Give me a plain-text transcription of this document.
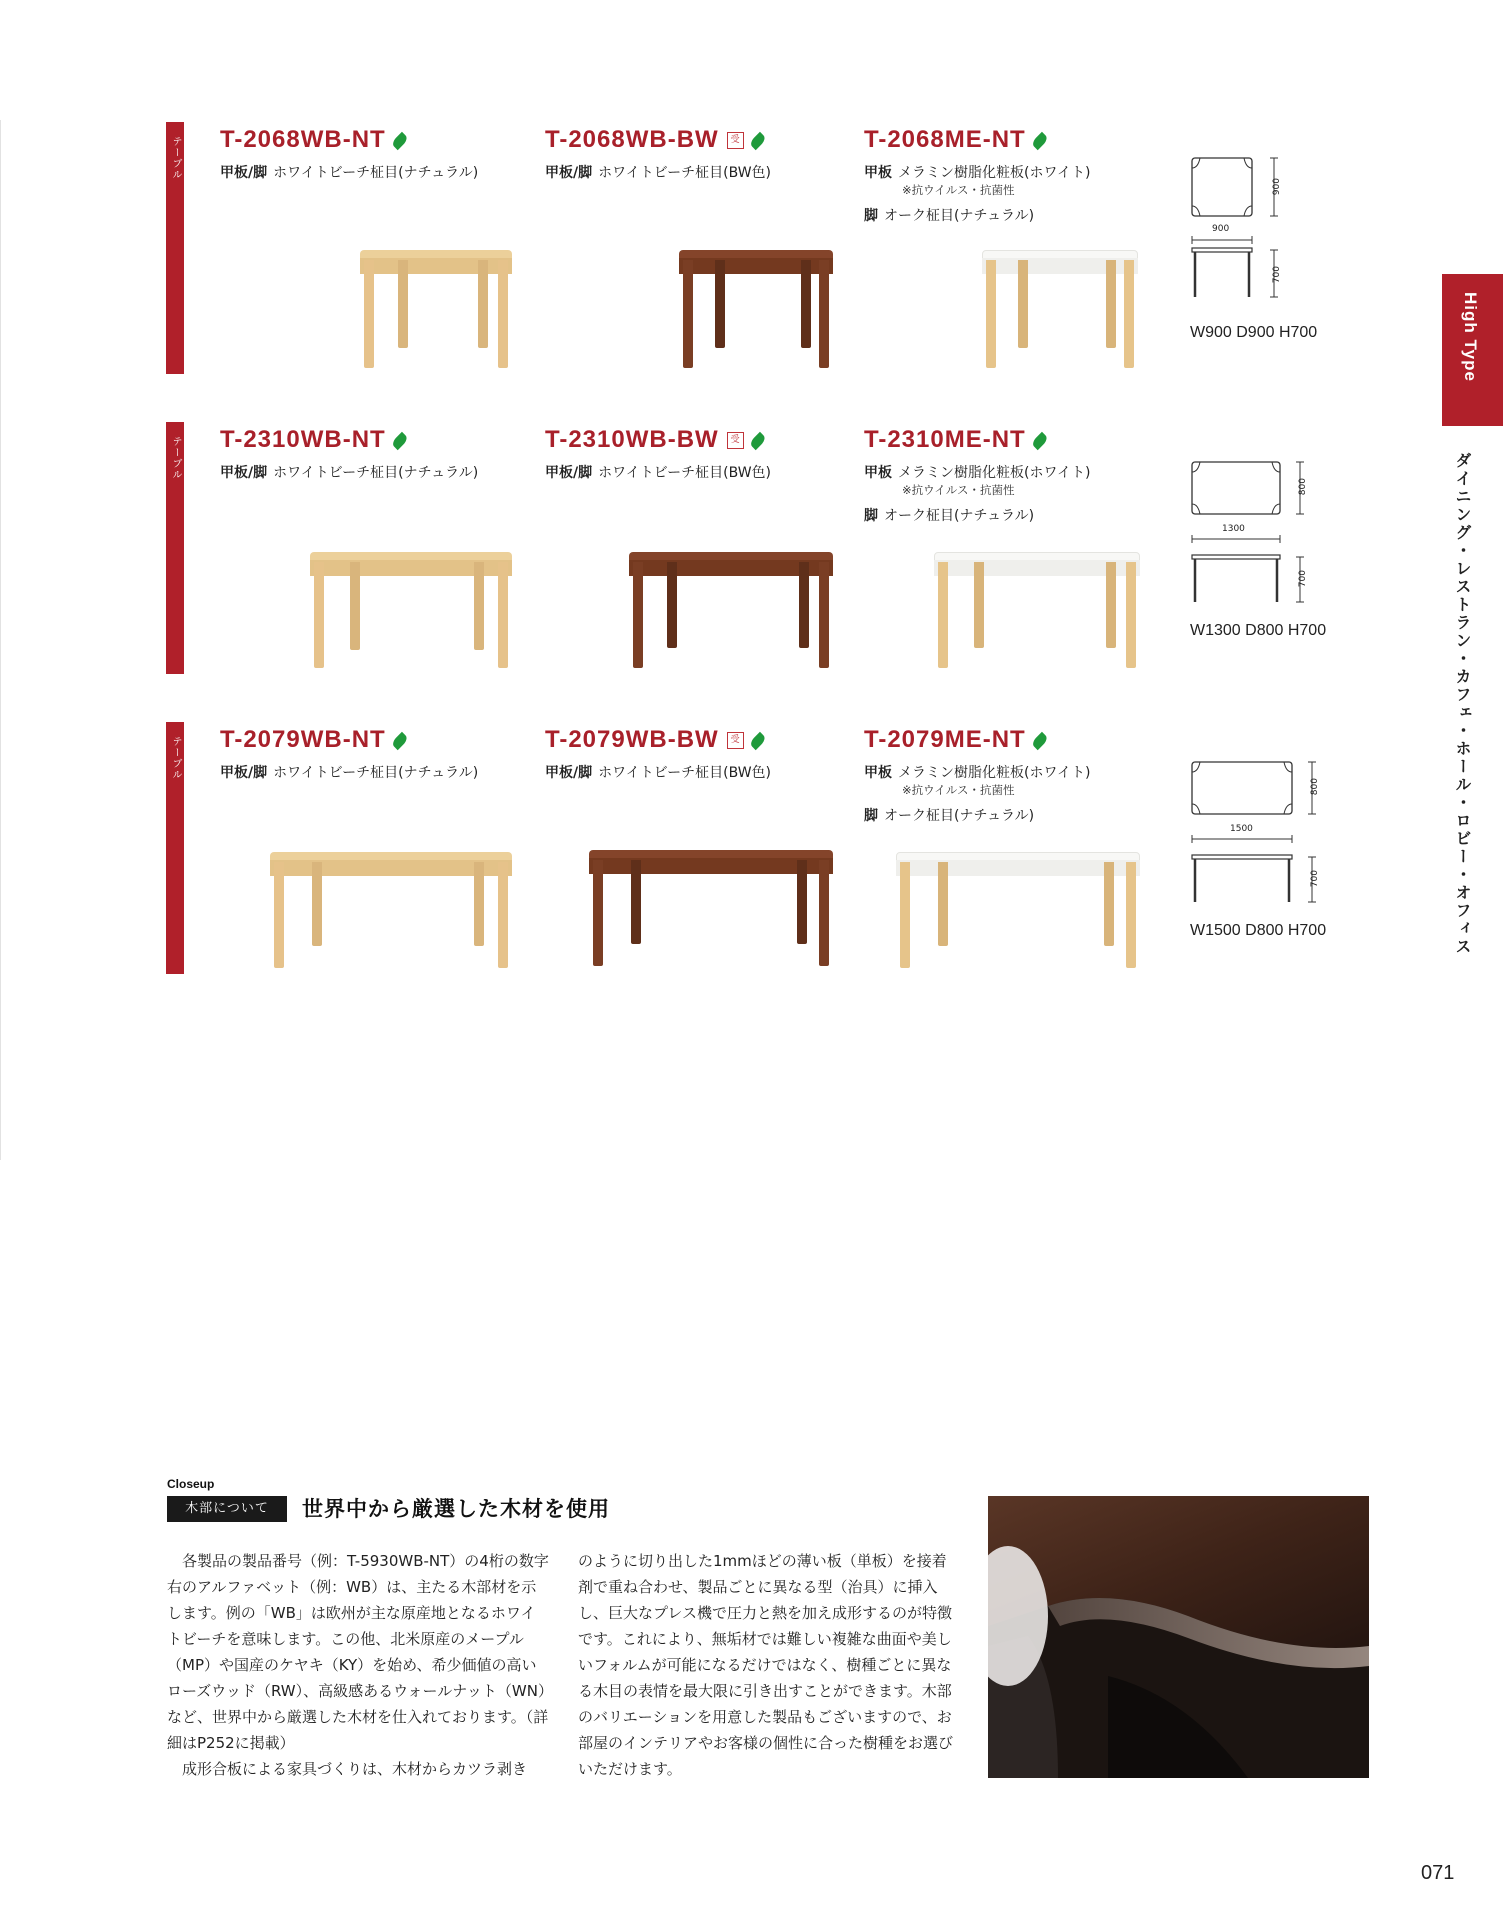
テーブル T-2068WB-NT
甲板/脚 ホワイトビーチ柾目(ナチュラル)
T-2068WB-BW 受
甲板/脚 ホワイトビーチ柾目(BW色)
T-2068ME-NT
甲板 メラミン樹脂化粧板(ホワイト)
※抗ウイルス・抗菌性
脚 オーク柾目(ナチュラル)
900
900
700
W900 D900 H700
テーブル T-2310WB-NT
甲板/脚 ホワイトビーチ柾目(ナチュラル)
T-2310WB-BW 受
甲板/脚 ホワイトビーチ柾目(BW色)
T-2310ME-NT
甲板 メラミン樹脂化粧板(ホワイト)
※抗ウイルス・抗菌性
脚 オーク柾目(ナチュラル)
800
1300
700
W1300 D800 H700
テーブル T-2079WB-NT
甲板/脚 ホワイトビーチ柾目(ナチュラル)
T-2079WB-BW 受
甲板/脚 ホワイトビーチ柾目(BW色)
T-2079ME-NT
甲板 メラミン樹脂化粧板(ホワイト)
※抗ウイルス・抗菌性
脚 オーク柾目(ナチュラル)
800
1500
700
W1500 D800 H700
High Type
ダイニング・レストラン・カフェ・ホール・ロビー・オフィス
Closeup
木部について	世界中から厳選した木材を使用

　各製品の製品番号（例：T-5930WB-NT）の4桁の数字右のアルファベット（例：WB）は、主たる木部材を示します。例の「WB」は欧州が主な原産地となるホワイトビーチを意味します。この他、北米原産のメープル（MP）や国産のケヤキ（KY）を始め、希少価値の高いローズウッド（RW）、高級感あるウォールナット（WN）など、世界中から厳選した木材を仕入れております。（詳細はP252に掲載）

　成形合板による家具づくりは、木材からカツラ剥き

のように切り出した1mmほどの薄い板（単板）を接着剤で重ね合わせ、製品ごとに異なる型（治具）に挿入し、巨大なプレス機で圧力と熱を加え成形するのが特徴です。これにより、無垢材では難しい複雑な曲面や美しいフォルムが可能になるだけではなく、樹種ごとに異なる木目の表情を最大限に引き出すことができます。木部のバリエーションを用意した製品もございますので、お部屋のインテリアやお客様の個性に合った樹種をお選びいただけます。

071
